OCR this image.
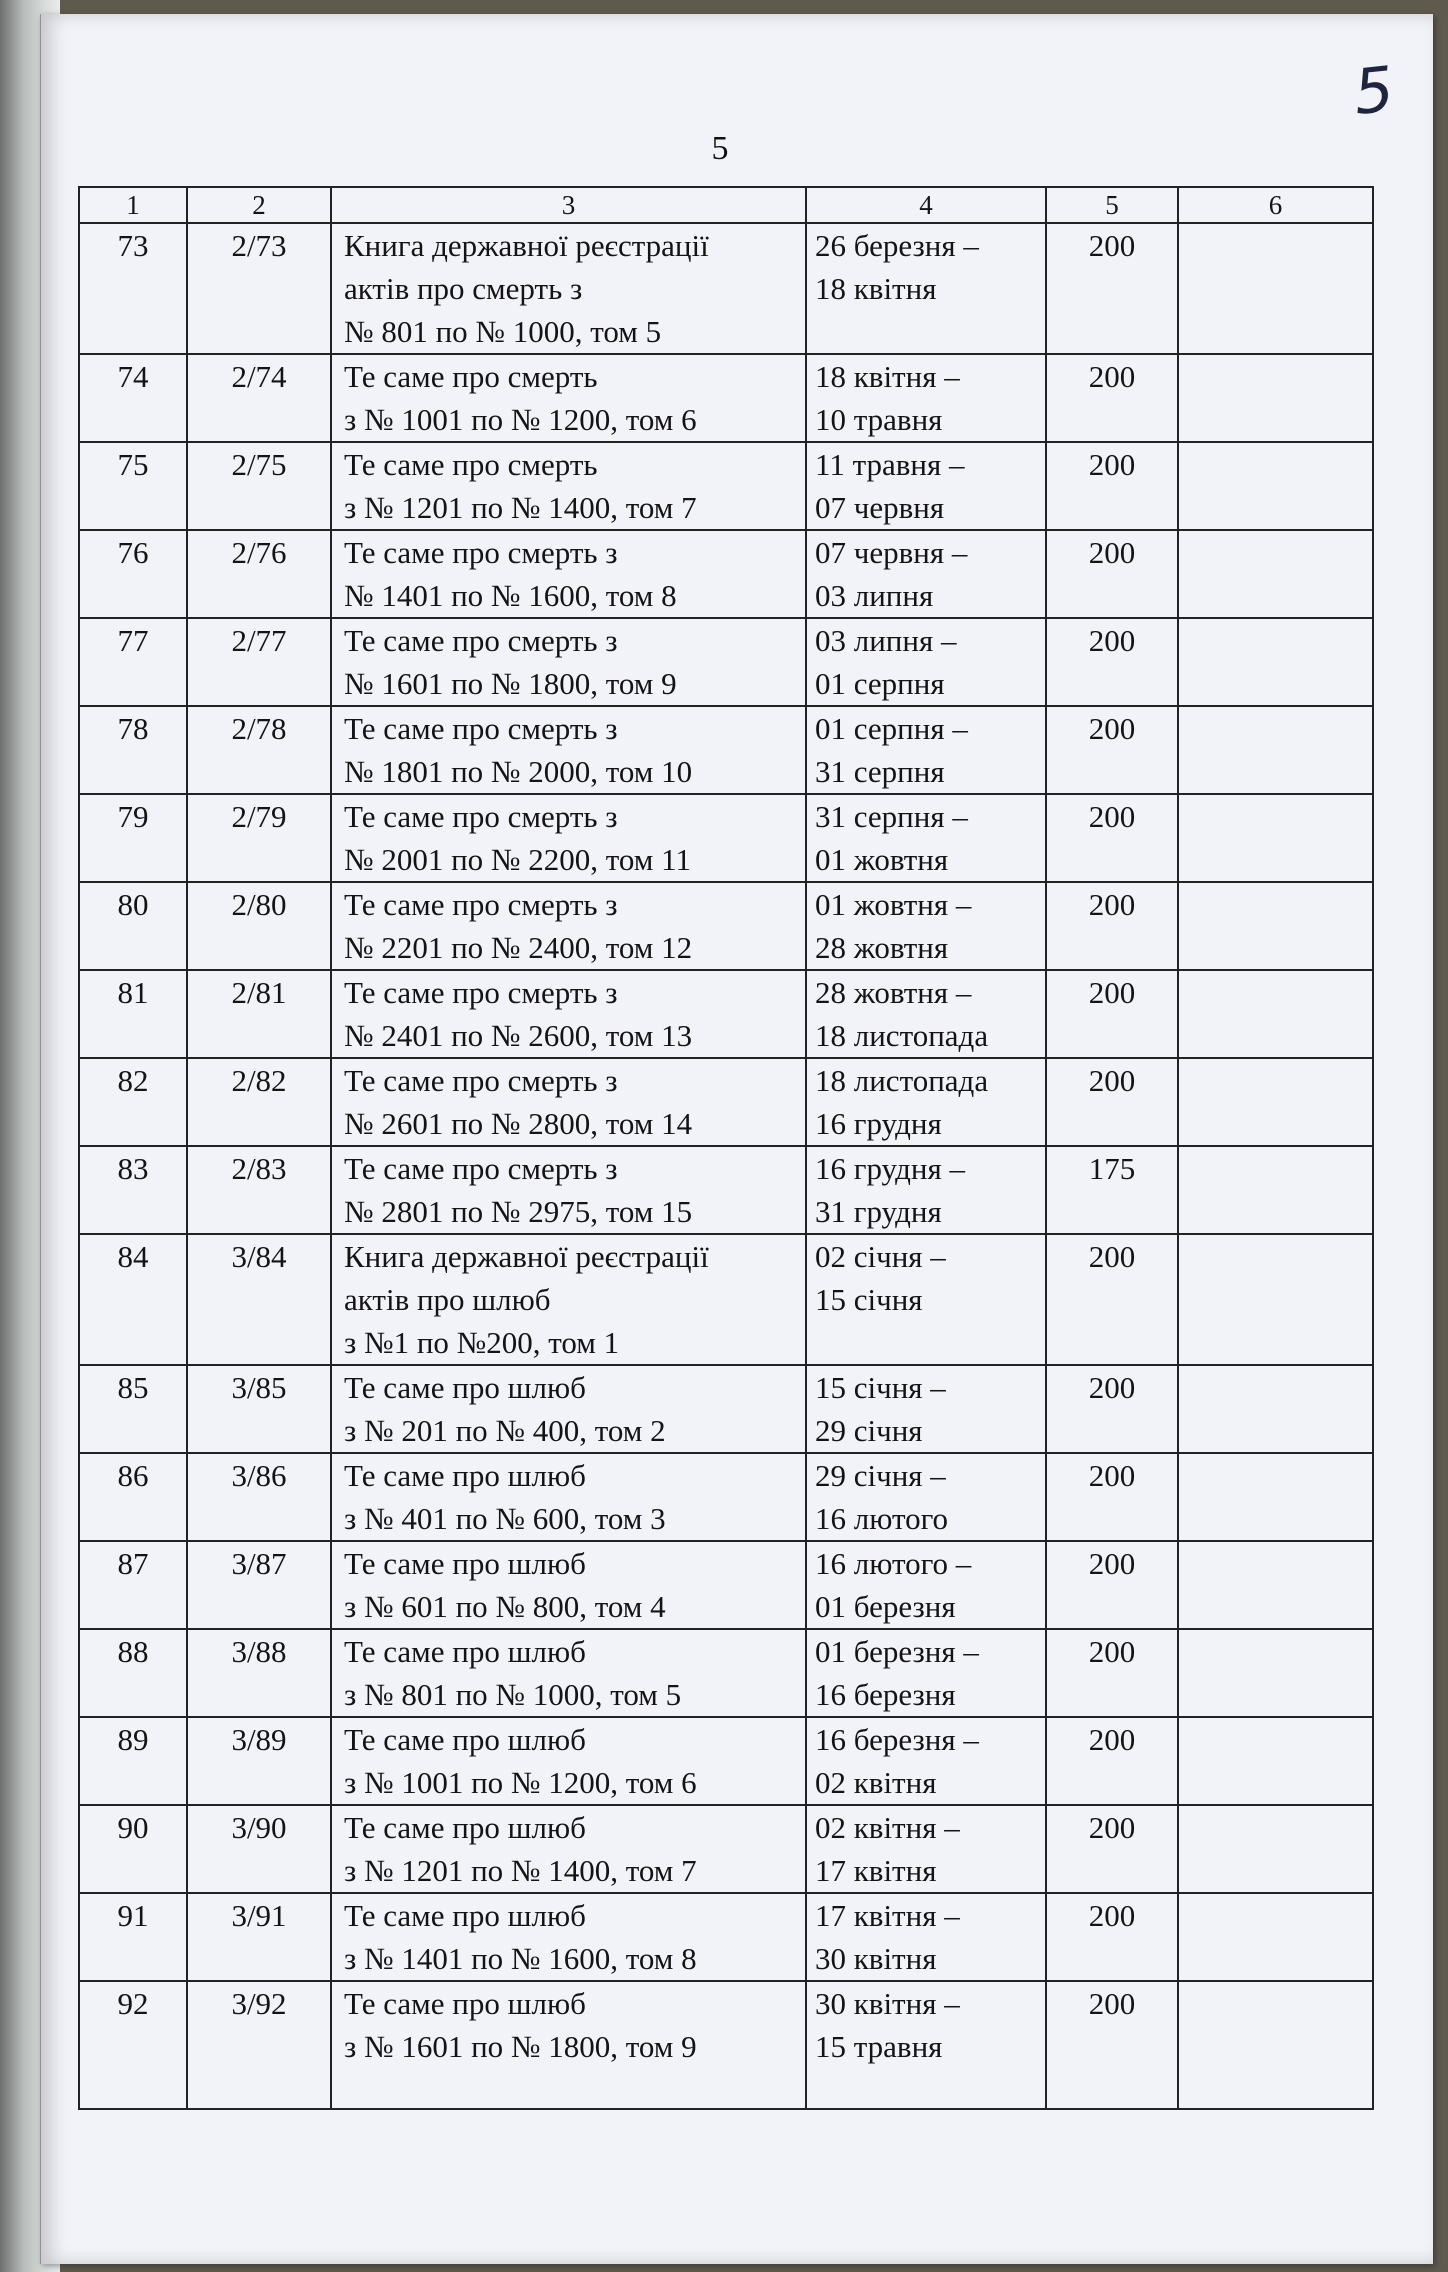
5
5
1	2	3	4	5	6
73	2/73	Книга державної реєстрації
актів про смерть з
№ 801 по № 1000, том 5	26 березня –
18 квітня	200	
74	2/74	Те саме про смерть
з № 1001 по № 1200, том 6	18 квітня –
10 травня	200	
75	2/75	Те саме про смерть
з № 1201 по № 1400, том 7	11 травня –
07 червня	200	
76	2/76	Те саме про смерть з
№ 1401 по № 1600, том 8	07 червня –
03 липня	200	
77	2/77	Те саме про смерть з
№ 1601 по № 1800, том 9	03 липня –
01 серпня	200	
78	2/78	Те саме про смерть з
№ 1801 по № 2000, том 10	01 серпня –
31 серпня	200	
79	2/79	Те саме про смерть з
№ 2001 по № 2200, том 11	31 серпня –
01 жовтня	200	
80	2/80	Те саме про смерть з
№ 2201 по № 2400, том 12	01 жовтня –
28 жовтня	200	
81	2/81	Те саме про смерть з
№ 2401 по № 2600, том 13	28 жовтня –
18 листопада	200	
82	2/82	Те саме про смерть з
№ 2601 по № 2800, том 14	18 листопада
16 грудня	200	
83	2/83	Те саме про смерть з
№ 2801 по № 2975, том 15	16 грудня –
31 грудня	175	
84	3/84	Книга державної реєстрації
актів про шлюб
з №1 по №200, том 1	02 січня –
15 січня	200	
85	3/85	Те саме про шлюб
з № 201 по № 400, том 2	15 січня –
29 січня	200	
86	3/86	Те саме про шлюб
з № 401 по № 600, том 3	29 січня –
16 лютого	200	
87	3/87	Те саме про шлюб
з № 601 по № 800, том 4	16 лютого –
01 березня	200	
88	3/88	Те саме про шлюб
з № 801 по № 1000, том 5	01 березня –
16 березня	200	
89	3/89	Те саме про шлюб
з № 1001 по № 1200, том 6	16 березня –
02 квітня	200	
90	3/90	Те саме про шлюб
з № 1201 по № 1400, том 7	02 квітня –
17 квітня	200	
91	3/91	Те саме про шлюб
з № 1401 по № 1600, том 8	17 квітня –
30 квітня	200	
92	3/92	Те саме про шлюб
з № 1601 по № 1800, том 9	30 квітня –
15 травня	200	
